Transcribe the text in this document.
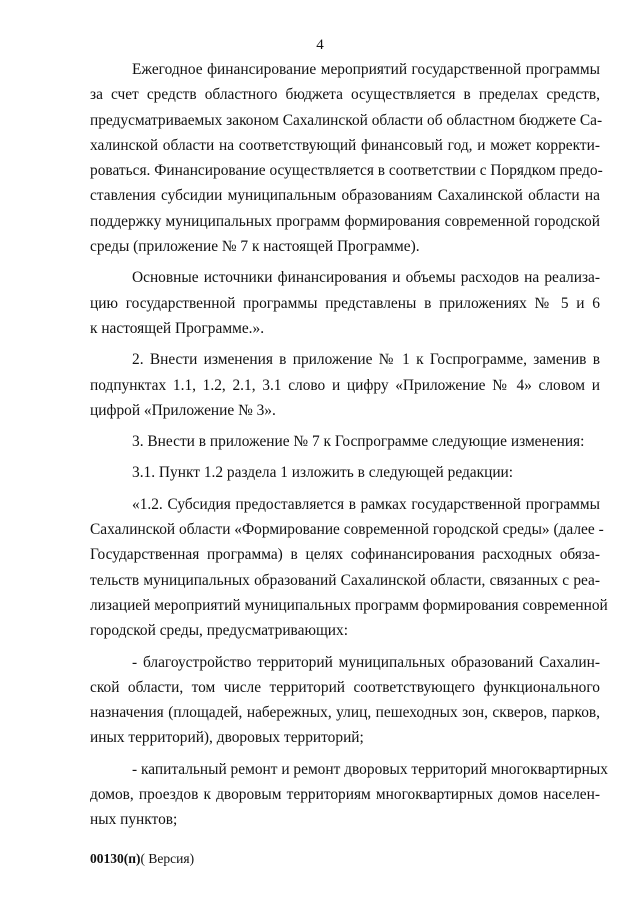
4
Ежегодное финансирование мероприятий государственной программы
за счет средств областного бюджета осуществляется в пределах средств,
предусматриваемых законом Сахалинской области об областном бюджете Са-
халинской области на соответствующий финансовый год, и может корректи-
роваться. Финансирование осуществляется в соответствии с Порядком предо-
ставления субсидии муниципальным образованиям Сахалинской области на
поддержку муниципальных программ формирования современной городской
среды (приложение № 7 к настоящей Программе).
Основные источники финансирования и объемы расходов на реализа-
цию государственной программы представлены в приложениях № 5 и 6
к настоящей Программе.».
2. Внести изменения в приложение № 1 к Госпрограмме, заменив в
подпунктах 1.1, 1.2, 2.1, 3.1 слово и цифру «Приложение № 4» словом и
цифрой «Приложение № 3».
3. Внести в приложение № 7 к Госпрограмме следующие изменения:
3.1. Пункт 1.2 раздела 1 изложить в следующей редакции:
«1.2. Субсидия предоставляется в рамках государственной программы
Сахалинской области «Формирование современной городской среды» (далее -
Государственная программа) в целях софинансирования расходных обяза-
тельств муниципальных образований Сахалинской области, связанных с реа-
лизацией мероприятий муниципальных программ формирования современной
городской среды, предусматривающих:
- благоустройство территорий муниципальных образований Сахалин-
ской области, том числе территорий соответствующего функционального
назначения (площадей, набережных, улиц, пешеходных зон, скверов, парков,
иных территорий), дворовых территорий;
- капитальный ремонт и ремонт дворовых территорий многоквартирных
домов, проездов к дворовым территориям многоквартирных домов населен-
ных пунктов;
00130(п)( Версия)
